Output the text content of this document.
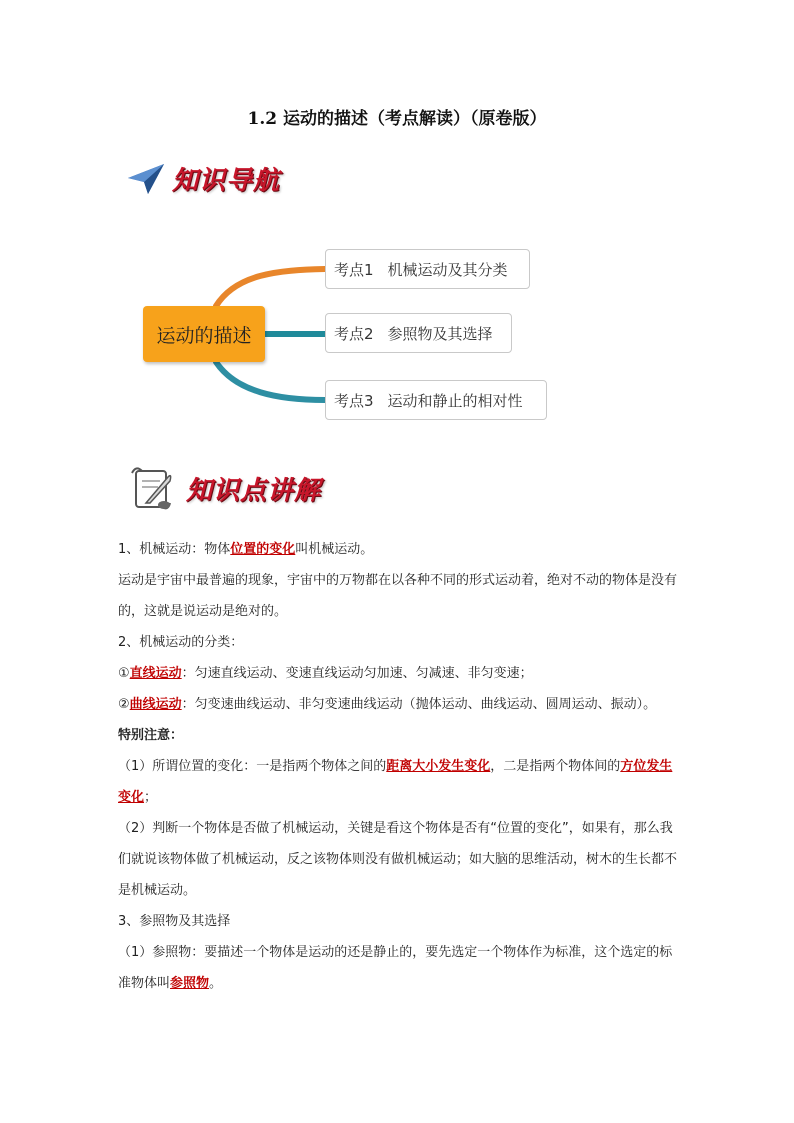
1.2 运动的描述（考点解读）（原卷版）
知识导航
运动的描述
考点1 机械运动及其分类
考点2 参照物及其选择
考点3 运动和静止的相对性
知识点讲解

1、机械运动：物体位置的变化叫机械运动。

运动是宇宙中最普遍的现象，宇宙中的万物都在以各种不同的形式运动着，绝对不动的物体是没有的，这就是说运动是绝对的。

2、机械运动的分类：

①直线运动：匀速直线运动、变速直线运动匀加速、匀减速、非匀变速；

②曲线运动：匀变速曲线运动、非匀变速曲线运动（抛体运动、曲线运动、圆周运动、振动）。

特别注意：

（1）所谓位置的变化：一是指两个物体之间的距离大小发生变化，二是指两个物体间的方位发生变化；

（2）判断一个物体是否做了机械运动，关键是看这个物体是否有“位置的变化”，如果有，那么我们就说该物体做了机械运动，反之该物体则没有做机械运动；如大脑的思维活动，树木的生长都不是机械运动。

3、参照物及其选择

（1）参照物：要描述一个物体是运动的还是静止的，要先选定一个物体作为标准，这个选定的标准物体叫参照物。
